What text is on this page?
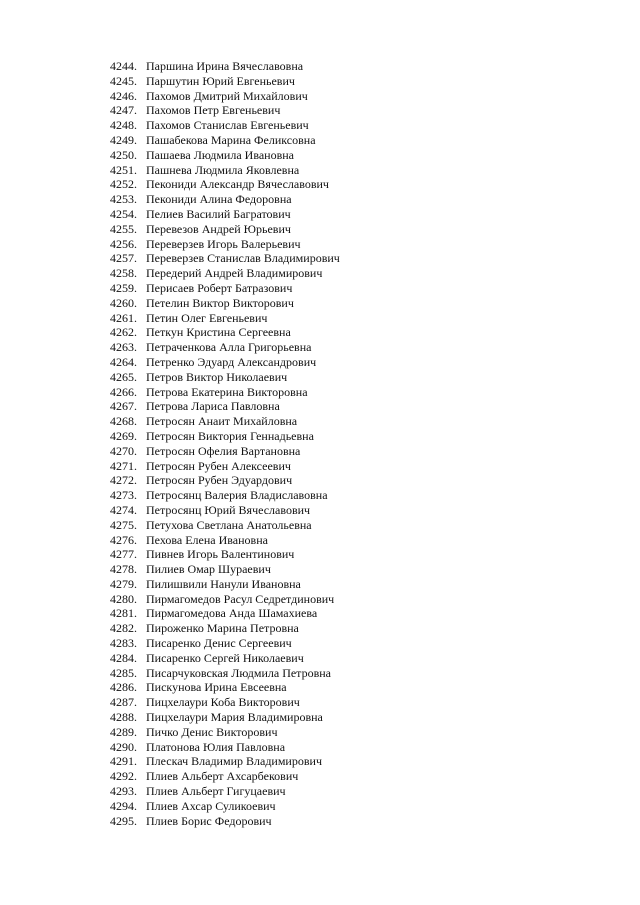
4244. Паршина Ирина Вячеславовна
4245. Паршутин Юрий Евгеньевич
4246. Пахомов Дмитрий Михайлович
4247. Пахомов Петр Евгеньевич
4248. Пахомов Станислав Евгеньевич
4249. Пашабекова Марина Феликсовна
4250. Пашаева Людмила Ивановна
4251. Пашнева Людмила Яковлевна
4252. Пекониди Александр Вячеславович
4253. Пекониди Алина Федоровна
4254. Пелиев Василий Багратович
4255. Перевезов Андрей Юрьевич
4256. Переверзев Игорь Валерьевич
4257. Переверзев Станислав Владимирович
4258. Передерий Андрей Владимирович
4259. Перисаев Роберт Батразович
4260. Петелин Виктор Викторович
4261. Петин Олег Евгеньевич
4262. Петкун Кристина Сергеевна
4263. Петраченкова Алла Григорьевна
4264. Петренко Эдуард Александрович
4265. Петров Виктор Николаевич
4266. Петрова Екатерина Викторовна
4267. Петрова Лариса Павловна
4268. Петросян Анаит Михайловна
4269. Петросян Виктория Геннадьевна
4270. Петросян Офелия Вартановна
4271. Петросян Рубен Алексеевич
4272. Петросян Рубен Эдуардович
4273. Петросянц Валерия Владиславовна
4274. Петросянц Юрий Вячеславович
4275. Петухова Светлана Анатольевна
4276. Пехова Елена Ивановна
4277. Пивнев Игорь Валентинович
4278. Пилиев Омар Шураевич
4279. Пилишвили Нанули Ивановна
4280. Пирмагомедов Расул Седретдинович
4281. Пирмагомедова Анда Шамахиева
4282. Пироженко Марина Петровна
4283. Писаренко Денис Сергеевич
4284. Писаренко Сергей Николаевич
4285. Писарчуковская Людмила Петровна
4286. Пискунова Ирина Евсеевна
4287. Пицхелаури Коба Викторович
4288. Пицхелаури Мария Владимировна
4289. Пичко Денис Викторович
4290. Платонова Юлия Павловна
4291. Плескач Владимир Владимирович
4292. Плиев Альберт Ахсарбекович
4293. Плиев Альберт Гигуцаевич
4294. Плиев Ахсар Суликоевич
4295. Плиев Борис Федорович
